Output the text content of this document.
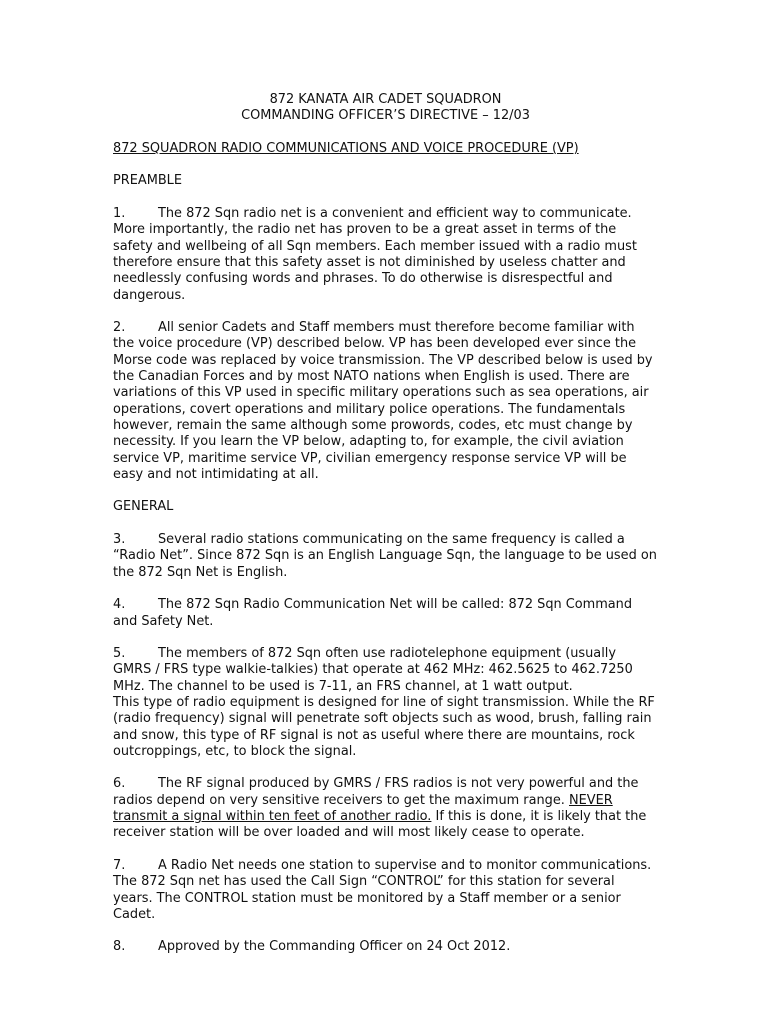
872 KANATA AIR CADET SQUADRON
COMMANDING OFFICER’S DIRECTIVE – 12/03
872 SQUADRON RADIO COMMUNICATIONS AND VOICE PROCEDURE (VP)
PREAMBLE
1.	The 872 Sqn radio net is a convenient and efficient way to communicate. More importantly, the radio net has proven to be a great asset in terms of the safety and wellbeing of all Sqn members. Each member issued with a radio must therefore ensure that this safety asset is not diminished by useless chatter and needlessly confusing words and phrases. To do otherwise is disrespectful and dangerous.
2.	All senior Cadets and Staff members must therefore become familiar with the voice procedure (VP) described below. VP has been developed ever since the Morse code was replaced by voice transmission. The VP described below is used by the Canadian Forces and by most NATO nations when English is used. There are variations of this VP used in specific military operations such as sea operations, air operations, covert operations and military police operations. The fundamentals however, remain the same although some prowords, codes, etc must change by necessity. If you learn the VP below, adapting to, for example, the civil aviation service VP, maritime service VP, civilian emergency response service VP will be easy and not intimidating at all.
GENERAL
3.	Several radio stations communicating on the same frequency is called a “Radio Net”. Since 872 Sqn is an English Language Sqn, the language to be used on the 872 Sqn Net is English.
4.	The 872 Sqn Radio Communication Net will be called: 872 Sqn Command and Safety Net.
5.	The members of 872 Sqn often use radiotelephone equipment (usually GMRS / FRS type walkie-talkies) that operate at 462 MHz: 462.5625 to 462.7250 MHz. The channel to be used is 7-11, an FRS channel, at 1 watt output.
This type of radio equipment is designed for line of sight transmission. While the RF (radio frequency) signal will penetrate soft objects such as wood, brush, falling rain and snow, this type of RF signal is not as useful where there are mountains, rock outcroppings, etc, to block the signal.
6.	The RF signal produced by GMRS / FRS radios is not very powerful and the radios depend on very sensitive receivers to get the maximum range. NEVER transmit a signal within ten feet of another radio. If this is done, it is likely that the receiver station will be over loaded and will most likely cease to operate.
7.	A Radio Net needs one station to supervise and to monitor communications. The 872 Sqn net has used the Call Sign “CONTROL” for this station for several years. The CONTROL station must be monitored by a Staff member or a senior Cadet.
8.	Approved by the Commanding Officer on 24 Oct 2012.
